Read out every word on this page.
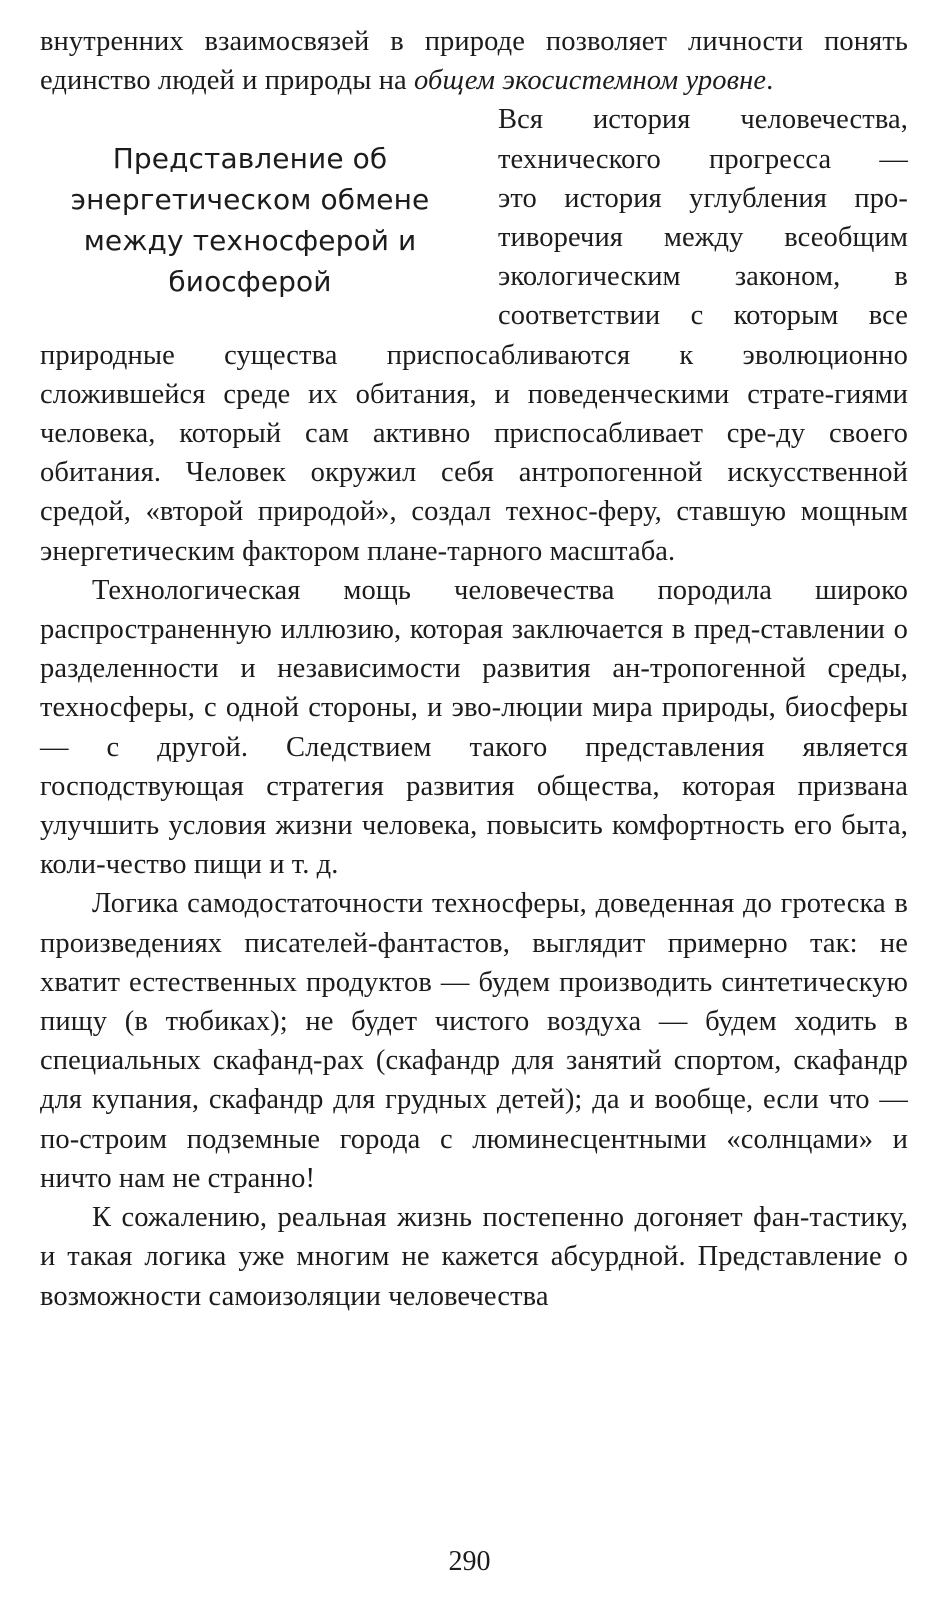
внутренних взаимосвязей в природе позволяет личности понять единство людей и природы на общем экосистемном уровне.

Представление об энергетическом обмене между техносферой и биосферой
Вся история человечества,
технического прогресса —
это история углубления про-
тиворечия между всеобщим
экологическим законом, в
соответствии с которым все

природные существа приспосабливаются к эволюционно сложившейся среде их обитания, и поведенческими страте-гиями человека, который сам активно приспосабливает сре-ду своего обитания. Человек окружил себя антропогенной искусственной средой, «второй природой», создал технос-феру, ставшую мощным энергетическим фактором плане-тарного масштаба.

Технологическая мощь человечества породила широко распространенную иллюзию, которая заключается в пред-ставлении о разделенности и независимости развития ан-тропогенной среды, техносферы, с одной стороны, и эво-люции мира природы, биосферы — с другой. Следствием такого представления является господствующая стратегия развития общества, которая призвана улучшить условия жизни человека, повысить комфортность его быта, коли-чество пищи и т. д.

Логика самодостаточности техносферы, доведенная до гротеска в произведениях писателей-фантастов, выглядит примерно так: не хватит естественных продуктов — будем производить синтетическую пищу (в тюбиках); не будет чистого воздуха — будем ходить в специальных скафанд-рах (скафандр для занятий спортом, скафандр для купания, скафандр для грудных детей); да и вообще, если что — по-строим подземные города с люминесцентными «солнцами» и ничто нам не странно!

К сожалению, реальная жизнь постепенно догоняет фан-тастику, и такая логика уже многим не кажется абсурдной. Представление о возможности самоизоляции человечества

290
